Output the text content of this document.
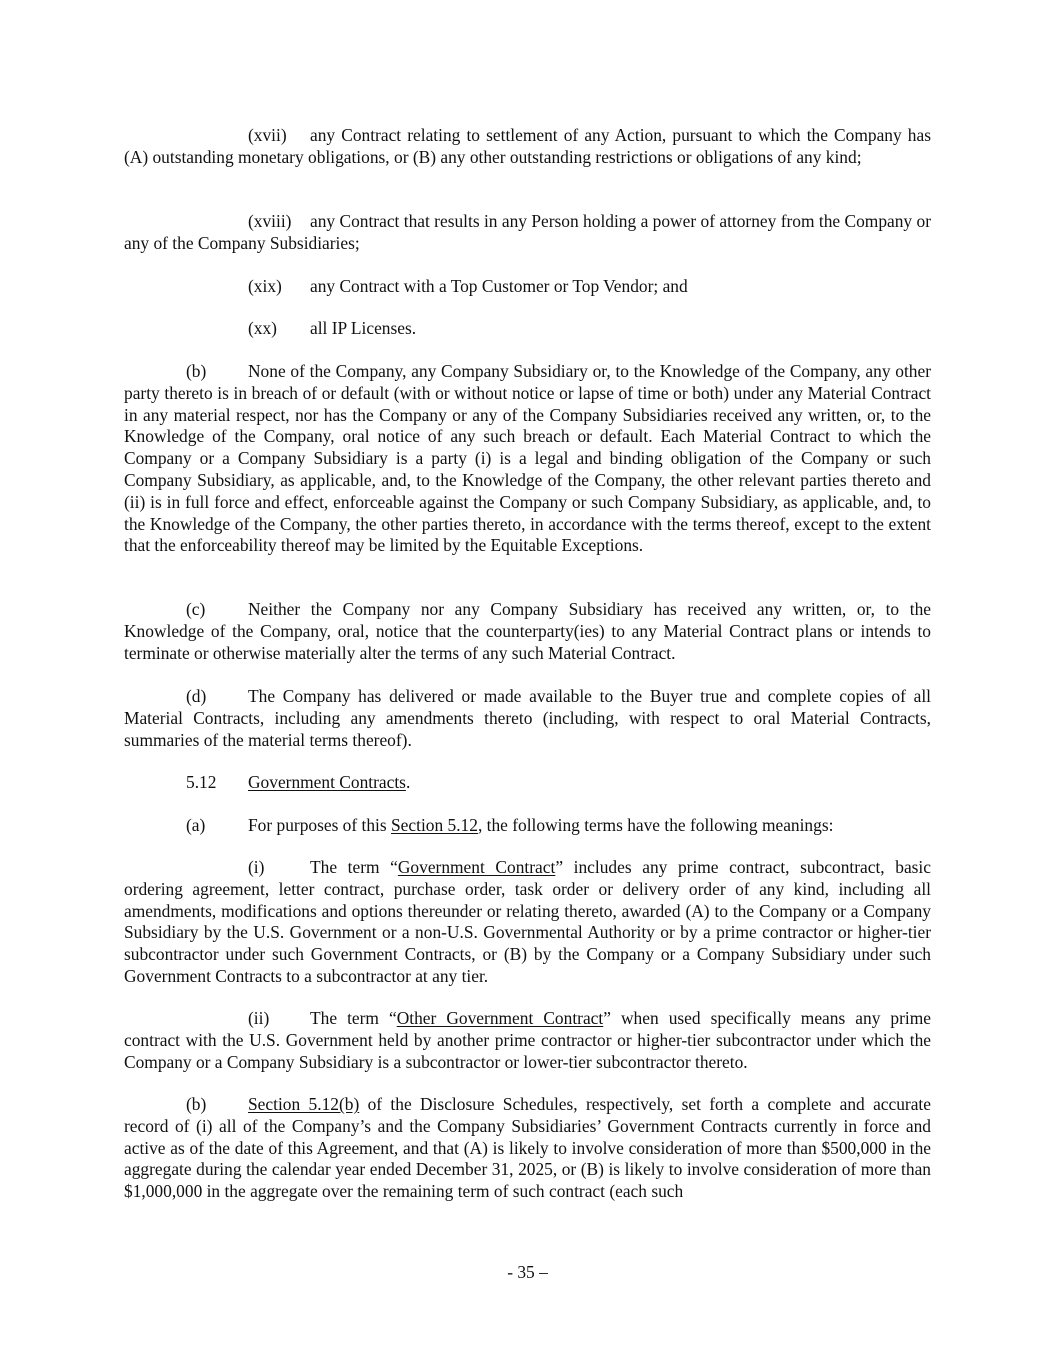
(xvii) any Contract relating to settlement of any Action, pursuant to which the Company has (A) outstanding monetary obligations, or (B) any other outstanding restrictions or obligations of any kind;

(xviii) any Contract that results in any Person holding a power of attorney from the Company or any of the Company Subsidiaries;

(xix) any Contract with a Top Customer or Top Vendor; and
(xx) all IP Licenses.

(b) None of the Company, any Company Subsidiary or, to the Knowledge of the Company, any other party thereto is in breach of or default (with or without notice or lapse of time or both) under any Material Contract in any material respect, nor has the Company or any of the Company Subsidiaries received any written, or, to the Knowledge of the Company, oral notice of any such breach or default. Each Material Contract to which the Company or a Company Subsidiary is a party (i) is a legal and binding obligation of the Company or such Company Subsidiary, as applicable, and, to the Knowledge of the Company, the other relevant parties thereto and (ii) is in full force and effect, enforceable against the Company or such Company Subsidiary, as applicable, and, to the Knowledge of the Company, the other parties thereto, in accordance with the terms thereof, except to the extent that the enforceability thereof may be limited by the Equitable Exceptions.

(c) Neither the Company nor any Company Subsidiary has received any written, or, to the Knowledge of the Company, oral, notice that the counterparty(ies) to any Material Contract plans or intends to terminate or otherwise materially alter the terms of any such Material Contract.

(d) The Company has delivered or made available to the Buyer true and complete copies of all Material Contracts, including any amendments thereto (including, with respect to oral Material Contracts, summaries of the material terms thereof).

5.12 Government Contracts.
(a) For purposes of this Section 5.12, the following terms have the following meanings:

(i)	The term “Government Contract” includes any prime contract, subcontract, basic ordering agreement, letter contract, purchase order, task order or delivery order of any kind, including all amendments, modifications and options thereunder or relating thereto, awarded (A) to the Company or a Company Subsidiary by the U.S. Government or a non-U.S. Governmental Authority or by a prime contractor or higher-tier subcontractor under such Government Contracts, or (B) by the Company or a Company Subsidiary under such Government Contracts to a subcontractor at any tier.

(ii) The term “Other Government Contract” when used specifically means any prime contract with the U.S. Government held by another prime contractor or higher-tier subcontractor under which the Company or a Company Subsidiary is a subcontractor or lower-tier subcontractor thereto.

(b) Section 5.12(b) of the Disclosure Schedules, respectively, set forth a complete and accurate record of (i) all of the Company’s and the Company Subsidiaries’ Government Contracts currently in force and active as of the date of this Agreement, and that (A) is likely to involve consideration of more than $500,000 in the aggregate during the calendar year ended December 31, 2025, or (B) is likely to involve consideration of more than $1,000,000 in the aggregate over the remaining term of such contract (each such

- 35 –
